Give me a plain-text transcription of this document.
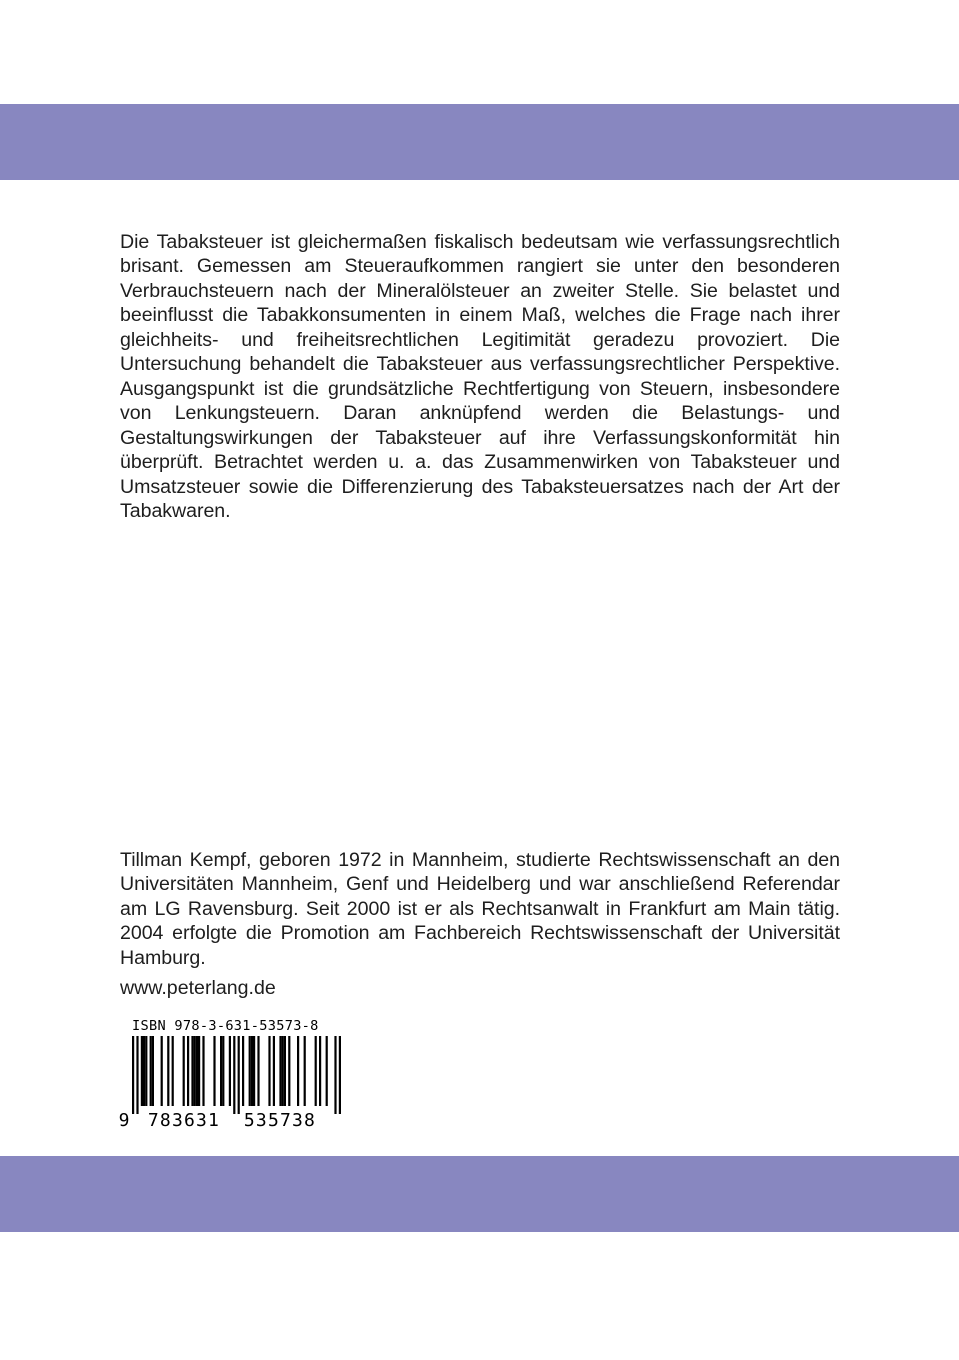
Die Tabaksteuer ist gleichermaßen fiskalisch bedeutsam wie verfassungsrechtlich brisant. Gemessen am Steueraufkommen rangiert sie unter den besonderen Verbrauchsteuern nach der Mineralölsteuer an zweiter Stelle. Sie belastet und beeinflusst die Tabakkonsumenten in einem Maß, welches die Frage nach ihrer gleichheits- und freiheitsrechtlichen Legitimität geradezu provoziert. Die Untersuchung behandelt die Tabaksteuer aus verfassungsrechtlicher Perspektive. Ausgangspunkt ist die grundsätzliche Rechtfertigung von Steuern, insbesondere von Lenkungsteuern. Daran anknüpfend werden die Belastungs- und Gestaltungswirkungen der Tabaksteuer auf ihre Verfassungskonformität hin überprüft. Betrachtet werden u. a. das Zusammenwirken von Tabaksteuer und Umsatzsteuer sowie die Differenzierung des Tabaksteuersatzes nach der Art der Tabakwaren.

Tillman Kempf, geboren 1972 in Mannheim, studierte Rechtswissenschaft an den Universitäten Mannheim, Genf und Heidelberg und war anschließend Referendar am LG Ravensburg. Seit 2000 ist er als Rechtsanwalt in Frankfurt am Main tätig. 2004 erfolgte die Promotion am Fachbereich Rechtswissenschaft der Universität Hamburg.

www.peterlang.de
ISBN 978-3-631-53573-8
9 783631 535738
